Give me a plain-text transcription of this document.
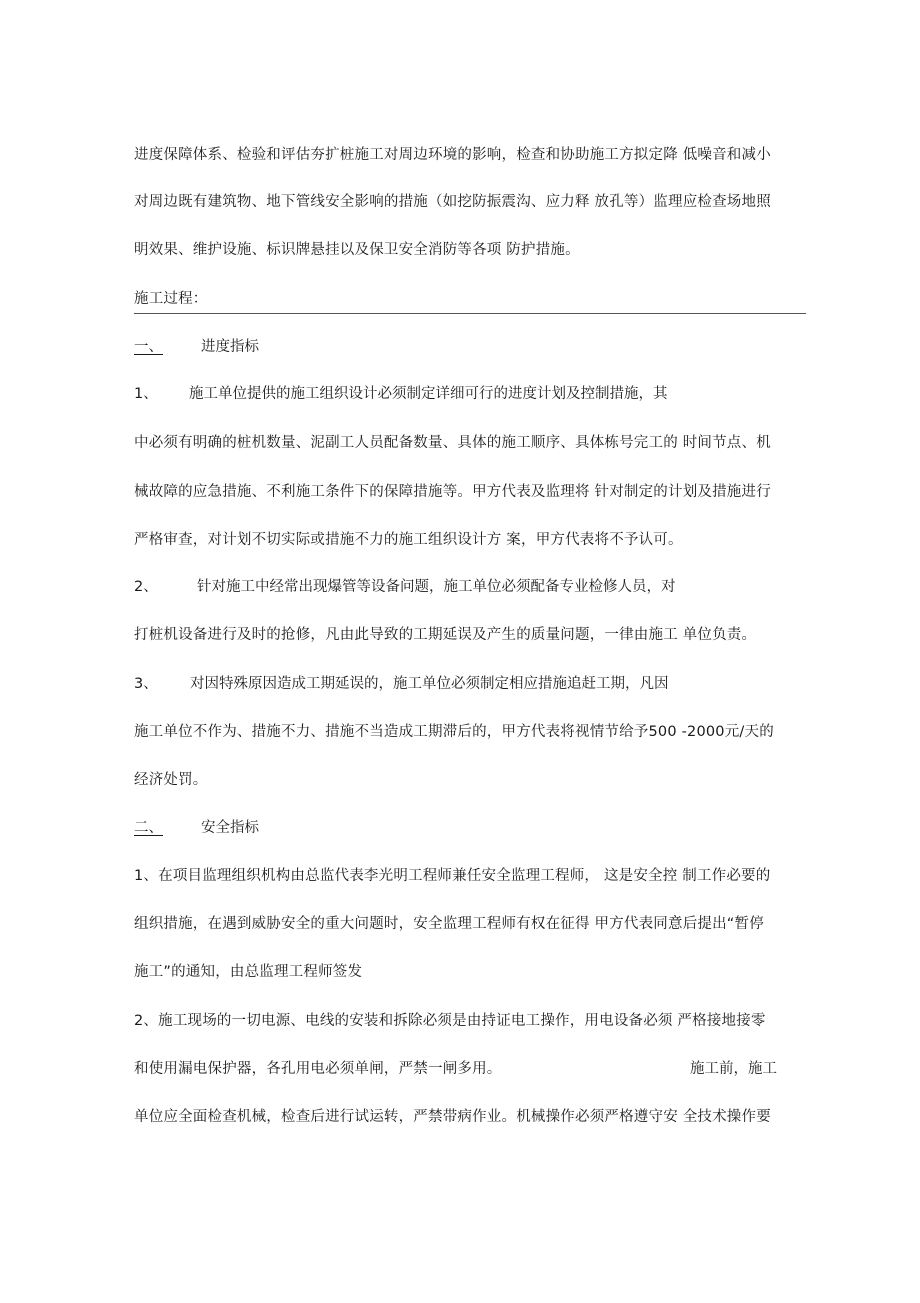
进度保障体系、检验和评估夯扩桩施工对周边环境的影响，检查和协助施工方拟定降 低噪音和减小
对周边既有建筑物、地下管线安全影响的措施（如挖防振震沟、应力释 放孔等）监理应检查场地照
明效果、维护设施、标识牌悬挂以及保卫安全消防等各项 防护措施。
施工过程：
一、	进度指标
1、 施工单位提供的施工组织设计必须制定详细可行的进度计划及控制措施，其
中必须有明确的桩机数量、泥副工人员配备数量、具体的施工顺序、具体栋号完工的 时间节点、机
械故障的应急措施、不利施工条件下的保障措施等。甲方代表及监理将 针对制定的计划及措施进行
严格审查，对计划不切实际或措施不力的施工组织设计方 案，甲方代表将不予认可。
2、	针对施工中经常出现爆管等设备问题，施工单位必须配备专业检修人员，对
打桩机设备进行及时的抢修，凡由此导致的工期延误及产生的质量问题，一律由施工 单位负责。
3、 对因特殊原因造成工期延误的，施工单位必须制定相应措施追赶工期，凡因
施工单位不作为、措施不力、措施不当造成工期滞后的，甲方代表将视情节给予500 -2000元/天的
经济处罚。
二、	安全指标
1、在项目监理组织机构由总监代表李光明工程师兼任安全监理工程师， 这是安全控 制工作必要的
组织措施，在遇到威胁安全的重大问题时，安全监理工程师有权在征得 甲方代表同意后提出“暂停
施工”的通知，由总监理工程师签发
2、施工现场的一切电源、电线的安装和拆除必须是由持证电工操作，用电设备必须 严格接地接零
和使用漏电保护器，各孔用电必须单闸，严禁一闸多用。	施工前，施工
单位应全面检查机械，检查后进行试运转，严禁带病作业。机械操作必须严格遵守安 全技术操作要
